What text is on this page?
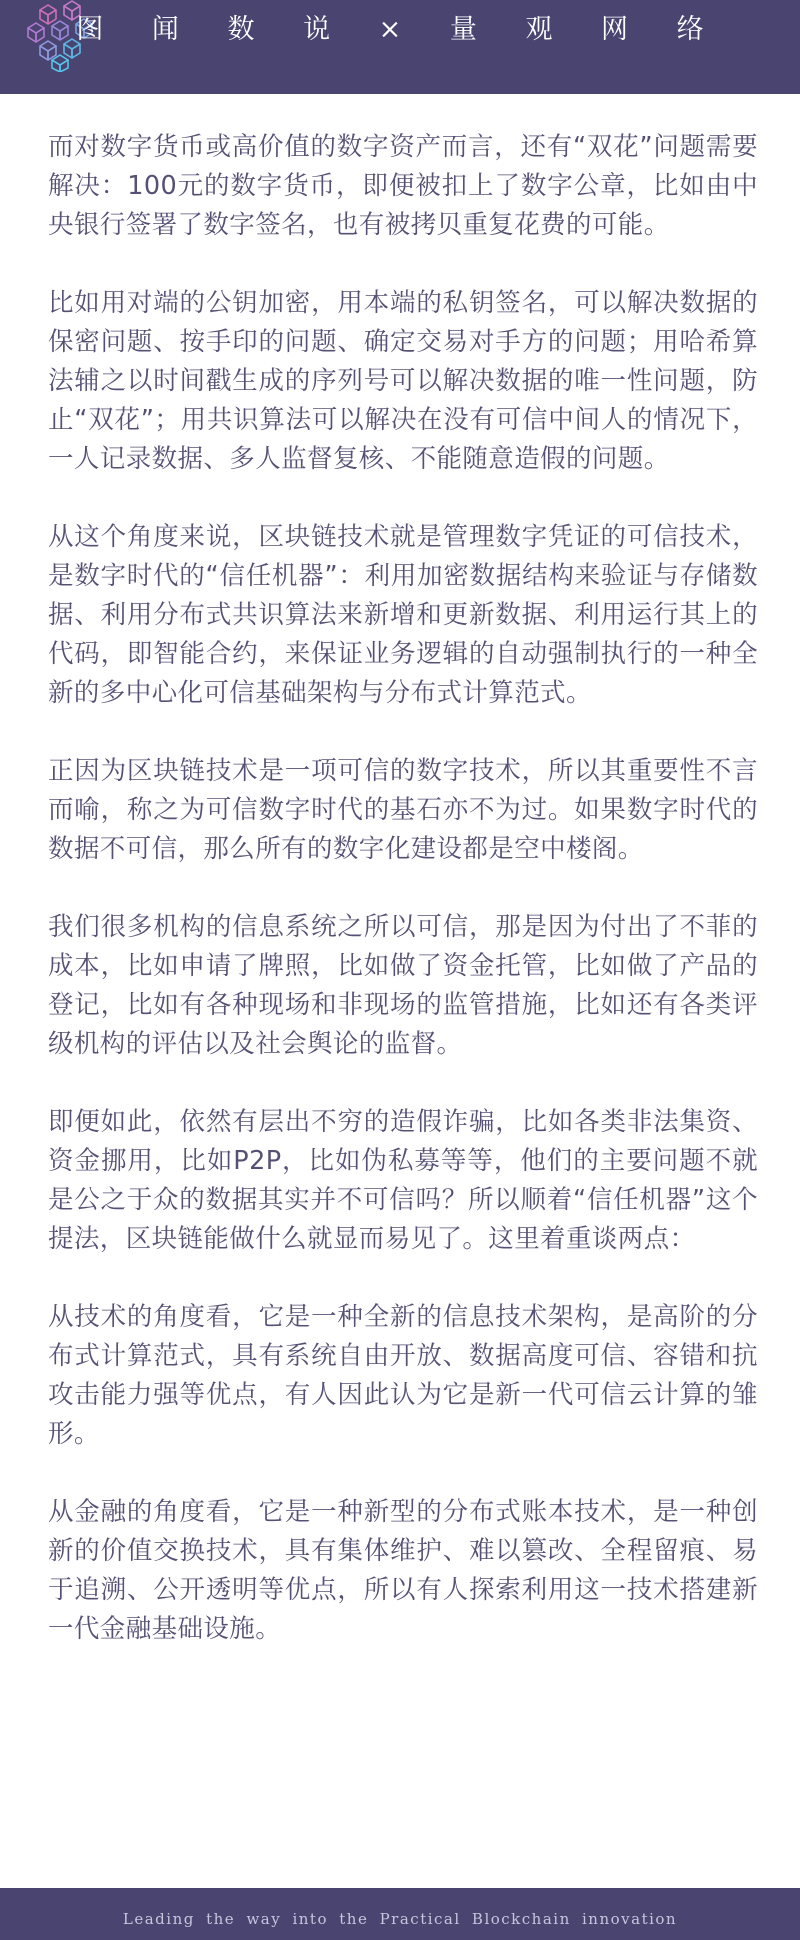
图 闻 数 说 × 量 观 网 络

而对数字货币或高价值的数字资产而言，还有“双花”问题需要解决：100元的数字货币，即便被扣上了数字公章，比如由中央银行签署了数字签名，也有被拷贝重复花费的可能。

比如用对端的公钥加密，用本端的私钥签名，可以解决数据的保密问题、按手印的问题、确定交易对手方的问题；用哈希算法辅之以时间戳生成的序列号可以解决数据的唯一性问题，防止“双花”；用共识算法可以解决在没有可信中间人的情况下，一人记录数据、多人监督复核、不能随意造假的问题。

从这个角度来说，区块链技术就是管理数字凭证的可信技术，是数字时代的“信任机器”：利用加密数据结构来验证与存储数据、利用分布式共识算法来新增和更新数据、利用运行其上的代码，即智能合约，来保证业务逻辑的自动强制执行的一种全新的多中心化可信基础架构与分布式计算范式。

正因为区块链技术是一项可信的数字技术，所以其重要性不言而喻，称之为可信数字时代的基石亦不为过。如果数字时代的数据不可信，那么所有的数字化建设都是空中楼阁。

我们很多机构的信息系统之所以可信，那是因为付出了不菲的成本，比如申请了牌照，比如做了资金托管，比如做了产品的登记，比如有各种现场和非现场的监管措施，比如还有各类评级机构的评估以及社会舆论的监督。

即便如此，依然有层出不穷的造假诈骗，比如各类非法集资、资金挪用，比如P2P，比如伪私募等等，他们的主要问题不就是公之于众的数据其实并不可信吗？所以顺着“信任机器”这个提法，区块链能做什么就显而易见了。这里着重谈两点：

从技术的角度看，它是一种全新的信息技术架构，是高阶的分布式计算范式，具有系统自由开放、数据高度可信、容错和抗攻击能力强等优点，有人因此认为它是新一代可信云计算的雏形。

从金融的角度看，它是一种新型的分布式账本技术，是一种创新的价值交换技术，具有集体维护、难以篡改、全程留痕、易于追溯、公开透明等优点，所以有人探索利用这一技术搭建新一代金融基础设施。

Leading the way into the Practical Blockchain innovation
